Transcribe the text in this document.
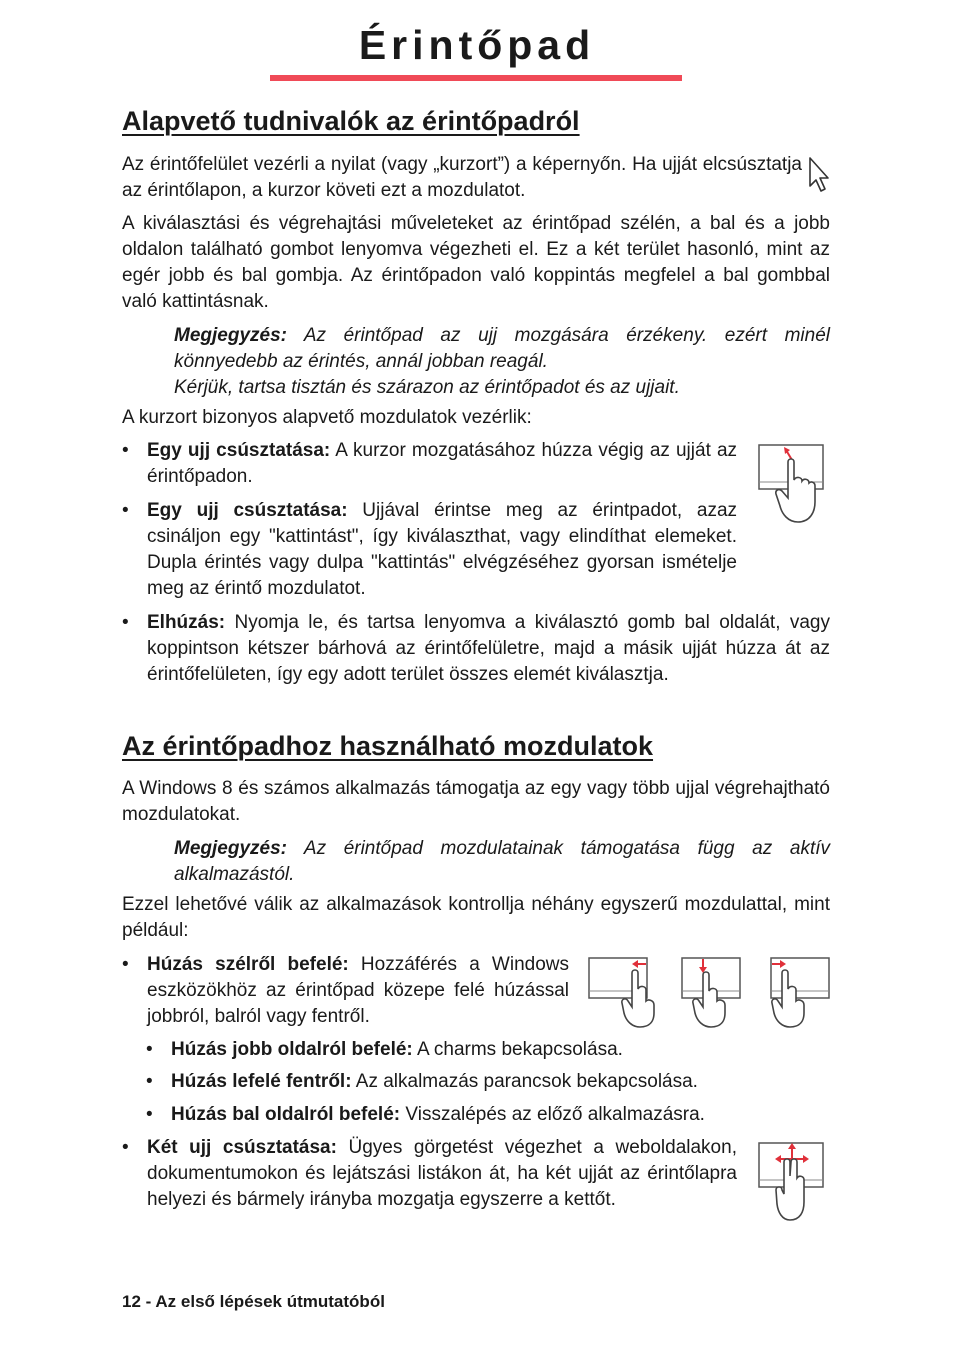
Érintőpad
Alapvető tudnivalók az érintőpadról

Az érintőfelület vezérli a nyilat (vagy „kurzort”) a képernyőn. Ha ujját elcsúsztatja az érintőlapon, a kurzor követi ezt a mozdulatot.

A kiválasztási és végrehajtási műveleteket az érintőpad szélén, a bal és a jobb oldalon található gombot lenyomva végezheti el. Ez a két terület hasonló, mint az egér jobb és bal gombja. Az érintőpadon való koppintás megfelel a bal gombbal való kattintásnak.

Megjegyzés: Az érintőpad az ujj mozgására érzékeny. ezért minél könnyedebb az érintés, annál jobban reagál.

Kérjük, tartsa tisztán és szárazon az érintőpadot és az ujjait.

A kurzort bizonyos alapvető mozdulatok vezérlik:

• Egy ujj csúsztatása: A kurzor mozgatásához húzza végig az ujját az érintőpadon.

• Egy ujj csúsztatása: Ujjával érintse meg az érintpadot, azaz csináljon egy "kattintást", így kiválaszthat, vagy elindíthat elemeket. Dupla érintés vagy dulpa "kattintás" elvégzéséhez gyorsan ismételje meg az érintő mozdulatot.

• Elhúzás: Nyomja le, és tartsa lenyomva a kiválasztó gomb bal oldalát, vagy koppintson kétszer bárhová az érintőfelületre, majd a másik ujját húzza át az érintőfelületen, így egy adott terület összes elemét kiválasztja.

Az érintőpadhoz használható mozdulatok

A Windows 8 és számos alkalmazás támogatja az egy vagy több ujjal végrehajtható mozdulatokat.

Megjegyzés: Az érintőpad mozdulatainak támogatása függ az aktív alkalmazástól.

Ezzel lehetővé válik az alkalmazások kontrollja néhány egyszerű mozdulattal, mint például:

• Húzás szélről befelé: Hozzáférés a Windows eszközökhöz az érintőpad közepe felé húzással jobbról, balról vagy fentről.

• Húzás jobb oldalról befelé: A charms bekapcsolása.

• Húzás lefelé fentről: Az alkalmazás parancsok bekapcsolása.

• Húzás bal oldalról befelé: Visszalépés az előző alkalmazásra.

• Két ujj csúsztatása: Ügyes görgetést végezhet a weboldalakon, dokumentumokon és lejátszási listákon át, ha két ujját az érintőlapra helyezi és bármely irányba mozgatja egyszerre a kettőt.

12 - Az első lépések útmutatóból
